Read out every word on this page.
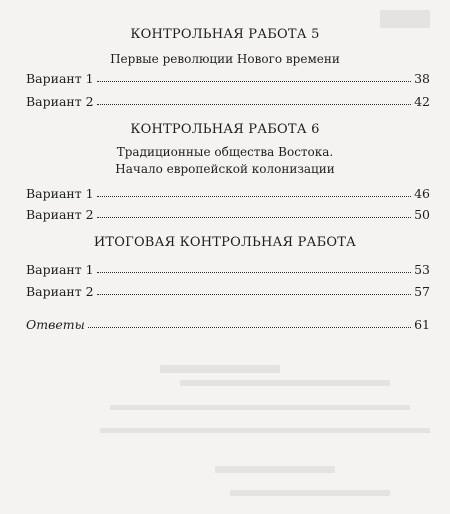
КОНТРОЛЬНАЯ РАБОТА 5
Первые революции Нового времени
Вариант 1	38
Вариант 2	42
КОНТРОЛЬНАЯ РАБОТА 6
Традиционные общества Востока.
Начало европейской колонизации
Вариант 1	46
Вариант 2	50
ИТОГОВАЯ КОНТРОЛЬНАЯ РАБОТА
Вариант 1	53
Вариант 2	57
Ответы	61
